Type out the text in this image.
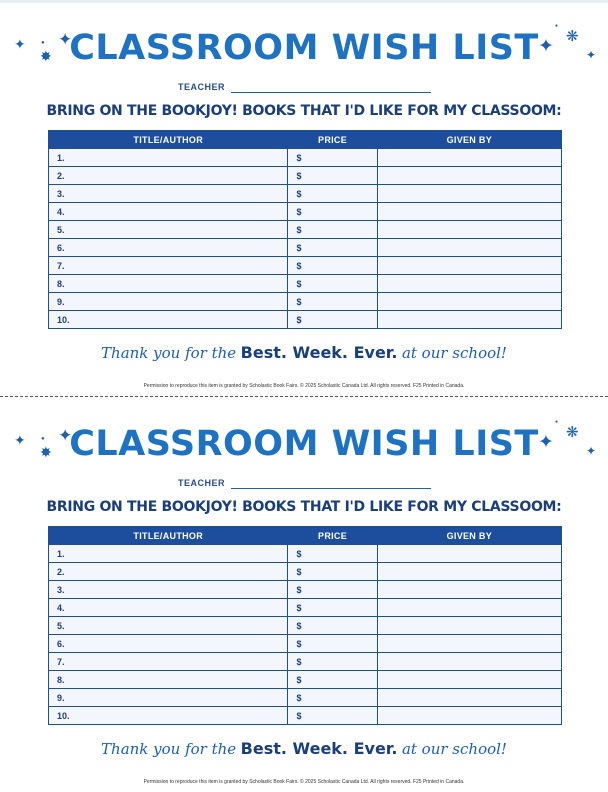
✦	● ✦
✸	✦
●
❋
✦
CLASSROOM WISH LIST
TEACHER
BRING ON THE BOOKJOY! BOOKS THAT I'D LIKE FOR MY CLASSOOM:
TITLE/AUTHOR	PRICE	GIVEN BY
1.	$	
2.	$	
3.	$	
4.	$	
5.	$	
6.	$	
7.	$	
8.	$	
9.	$	
10.	$	
Thank you for the Best. Week. Ever. at our school!
Permission to reproduce this item is granted by Scholastic Book Fairs. © 2025 Scholastic Canada Ltd. All rights reserved. F25 Printed in Canada.
✦	● ✦
✸	✦
●
❋
✦
CLASSROOM WISH LIST
TEACHER
BRING ON THE BOOKJOY! BOOKS THAT I'D LIKE FOR MY CLASSOOM:
TITLE/AUTHOR	PRICE	GIVEN BY
1.	$	
2.	$	
3.	$	
4.	$	
5.	$	
6.	$	
7.	$	
8.	$	
9.	$	
10.	$	
Thank you for the Best. Week. Ever. at our school!
Permission to reproduce this item is granted by Scholastic Book Fairs. © 2025 Scholastic Canada Ltd. All rights reserved. F25 Printed in Canada.
